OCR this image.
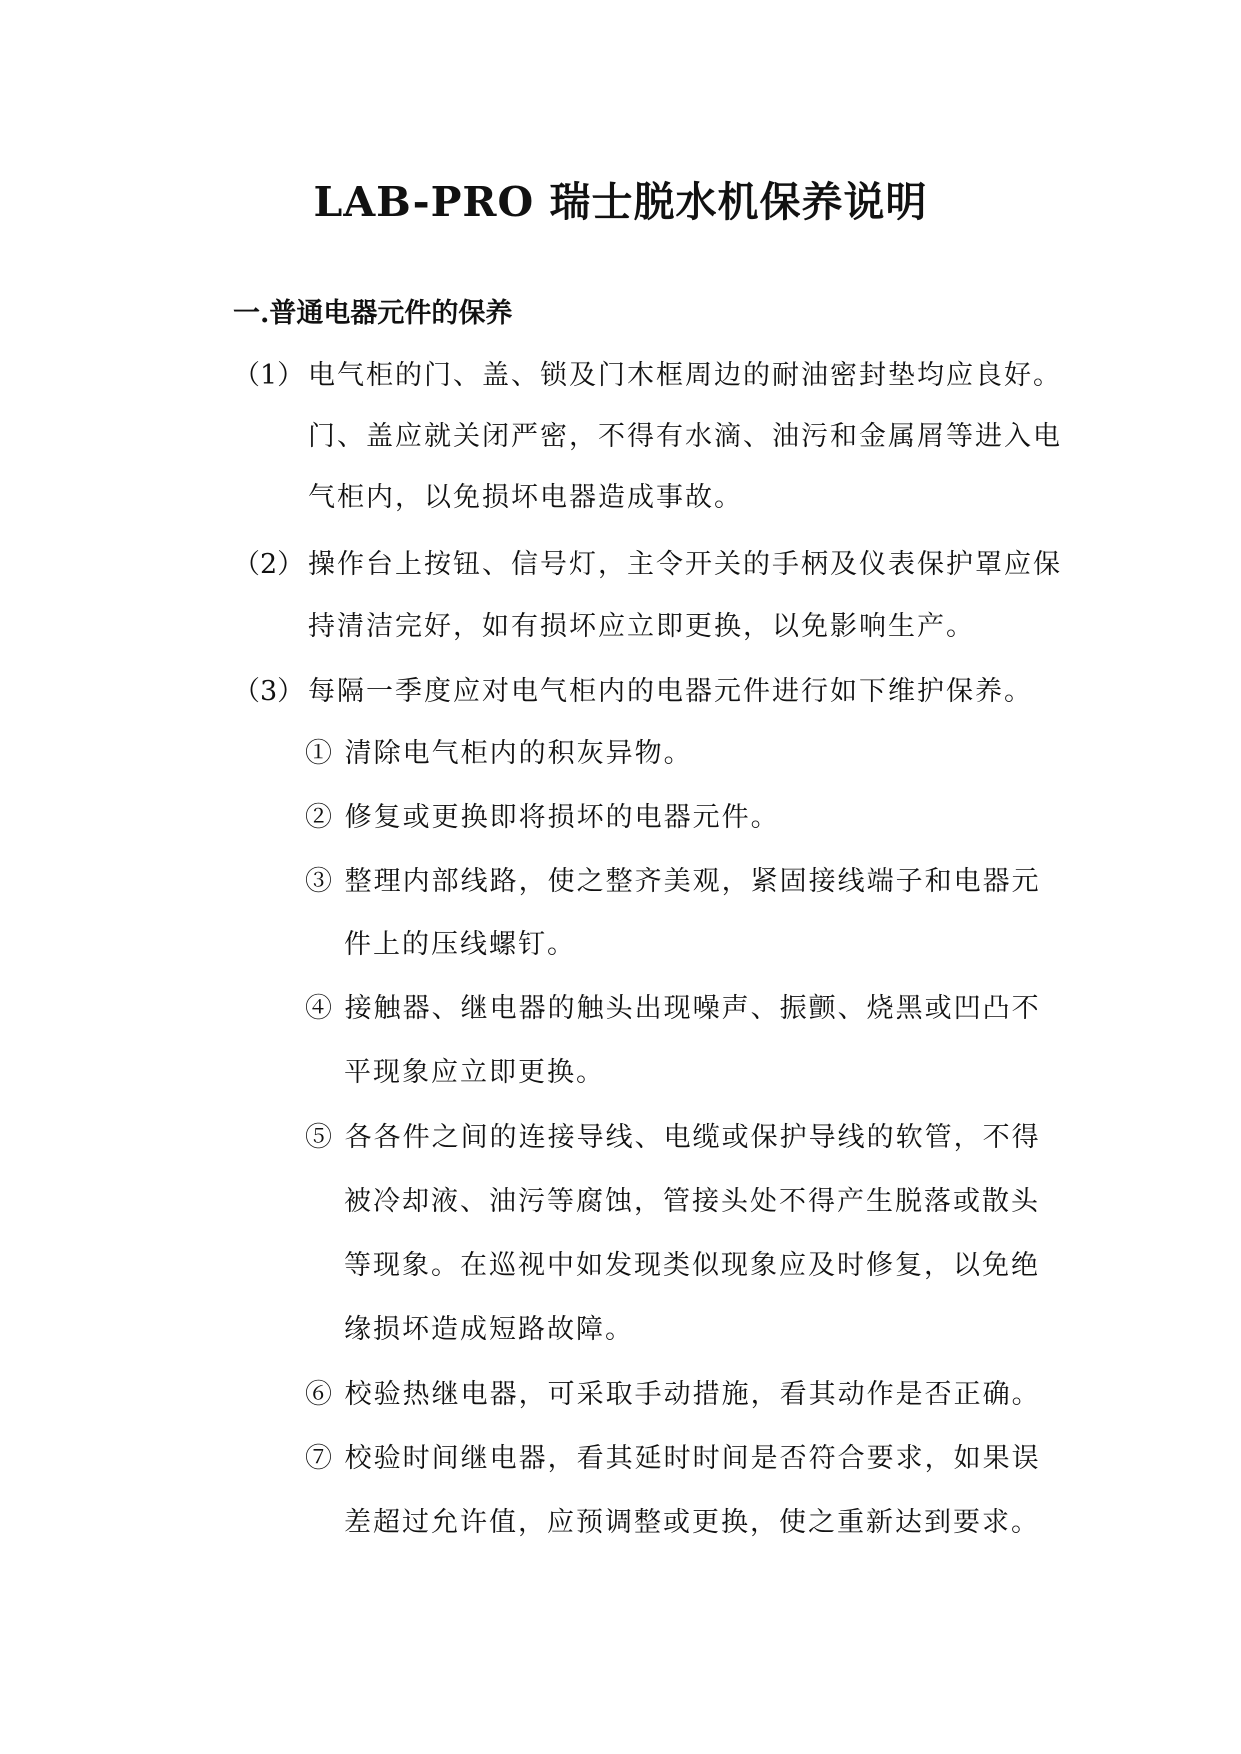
LAB-PRO 瑞士脱水机保养说明
一.普通电器元件的保养
（1） 电气柜的门、盖、锁及门木框周边的耐油密封垫均应良好。
门、盖应就关闭严密，不得有水滴、油污和金属屑等进入电
气柜内，以免损坏电器造成事故。
（2） 操作台上按钮、信号灯，主令开关的手柄及仪表保护罩应保
持清洁完好，如有损坏应立即更换，以免影响生产。
（3） 每隔一季度应对电气柜内的电器元件进行如下维护保养。
① 清除电气柜内的积灰异物。
② 修复或更换即将损坏的电器元件。
③ 整理内部线路，使之整齐美观，紧固接线端子和电器元
件上的压线螺钉。
④ 接触器、继电器的触头出现噪声、振颤、烧黑或凹凸不
平现象应立即更换。
⑤ 各各件之间的连接导线、电缆或保护导线的软管，不得
被冷却液、油污等腐蚀，管接头处不得产生脱落或散头
等现象。在巡视中如发现类似现象应及时修复，以免绝
缘损坏造成短路故障。
⑥ 校验热继电器，可采取手动措施，看其动作是否正确。
⑦ 校验时间继电器，看其延时时间是否符合要求，如果误
差超过允许值，应预调整或更换，使之重新达到要求。
